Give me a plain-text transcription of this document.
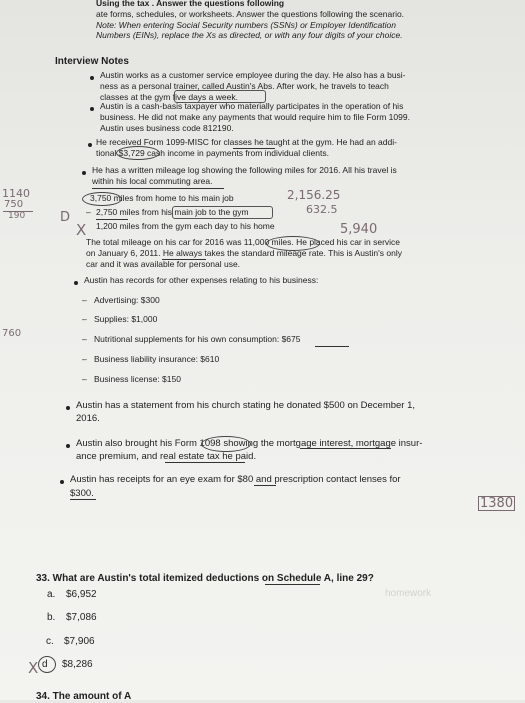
Using the tax . Answer the questions following
ate forms, schedules, or worksheets. Answer the questions following the scenario.
Note: When entering Social Security numbers (SSNs) or Employer Identification
Numbers (EINs), replace the Xs as directed, or with any four digits of your choice.
Interview Notes
Austin works as a customer service employee during the day. He also has a busi-
ness as a personal trainer, called Austin's Abs. After work, he travels to teach
classes at the gym five days a week.
Austin is a cash-basis taxpayer who materially participates in the operation of his
business. He did not make any payments that would require him to file Form 1099.
Austin uses business code 812190.
He received Form 1099-MISC for classes he taught at the gym. He had an addi-
tional $3,729 cash income in payments from individual clients.
He has a written mileage log showing the following miles for 2016. All his travel is
within his local commuting area.
3,750 miles from home to his main job
– 2,750 miles from his main job to the gym
1,200 miles from the gym each day to his home
The total mileage on his car for 2016 was 11,000 miles. He placed his car in service
on January 6, 2011. He always takes the standard mileage rate. This is Austin's only
car and it was available for personal use.
Austin has records for other expenses relating to his business:
– Advertising: $300
– Supplies: $1,000
– Nutritional supplements for his own consumption: $675
– Business liability insurance: $610
– Business license: $150
Austin has a statement from his church stating he donated $500 on December 1,
2016.
Austin also brought his Form 1098 showing the mortgage interest, mortgage insur-
ance premium, and real estate tax he paid.
Austin has receipts for an eye exam for $80 and prescription contact lenses for
$300.
1140
750
190	D
X
2,156.25
632.5
5,940
760
1380
33. What are Austin's total itemized deductions on Schedule A, line 29?
homework
a. $6,952
b. $7,086
c. $7,906
d $8,286
X
34. The amount of A
